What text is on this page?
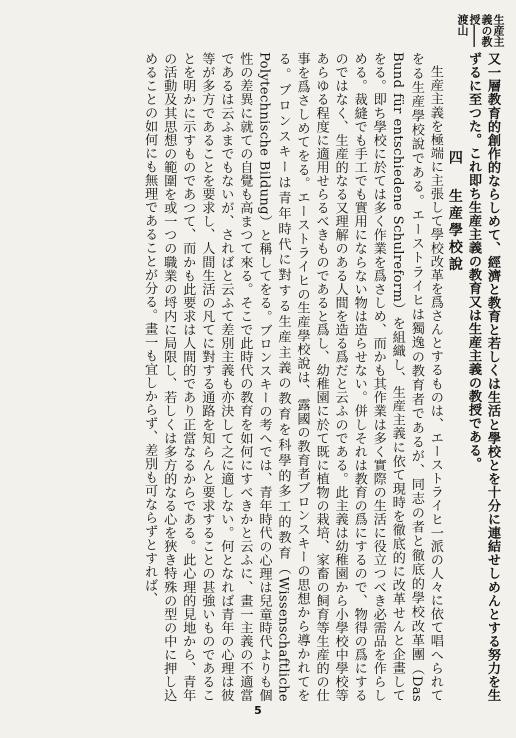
生産主義の教授――渡山

又一層教育的創作的ならしめて、經濟と教育と若しくは生活と學校とを十分に連結せしめんとする努力を生ずるに至つた。これ即ち生産主義の教育又は生産主義の教授である。

四 生産學校說

生産主義を極端に主張して學校改革を爲さんとするものは、エーストライヒ一派の人々に依て唱へられてをる生産學校說である。エーストライヒは獨逸の教育者であるが、同志の者と徹底的學校改革團（Das Bund für entschiedene Schulreform）を組織し、生産主義に依て現時を徹底的に改革せんと企畫してをる。即ち學校に於ては多く作業を爲さしめ、而かも其作業は多く實際の生活に役立つべき必需品を作らしめる。裁縫でも手工でも實用にならない物は造らせない。併しそれは教育の爲にするので、物得の爲にするのではなく、生産的なる又理解のある人間を造る爲だと云ふのである。此主義は幼稚園から小學校中學校等あらゆる程度に適用せらるべきものであると爲し、幼稚園に於て既に植物の栽培、家畜の飼育等生産的の仕事を爲さしめてをる。エーストライヒの生産學校說は、露國の教育者ブロンスキーの思想から導かれてをる。ブロンスキーは青年時代に對する生産主義の教育を科學的多工的教育（Wissenschaftliche Polytechnische Bildung）と稱してをる。ブロンスキーの考へでは、青年時代の心理は兒童時代よりも個性の差異に就ての自覺も高まつて來る。そこで此時代の教育を如何にすべきかと云ふに、畫一主義の不適當であるは云ふまでもないが、さればと云ふて差別主義も亦決して之に適しない。何となれば青年の心理は彼等が多方であることを要求し、人間生活の凡てに對する通路を知らんと要求することの甚強いものであることを明かに示すものであつて、而かも此要求は人間的であり正當なるからである。此心理的見地から、青年の活動及其思想の範圍を或一つの職業の埒内に局限し、若しくは多方的なる心を狹き特殊の型の中に押し込めることの如何にも無理であることが分る。畫一も宜しからず、差別も可ならずとすれば、

5
